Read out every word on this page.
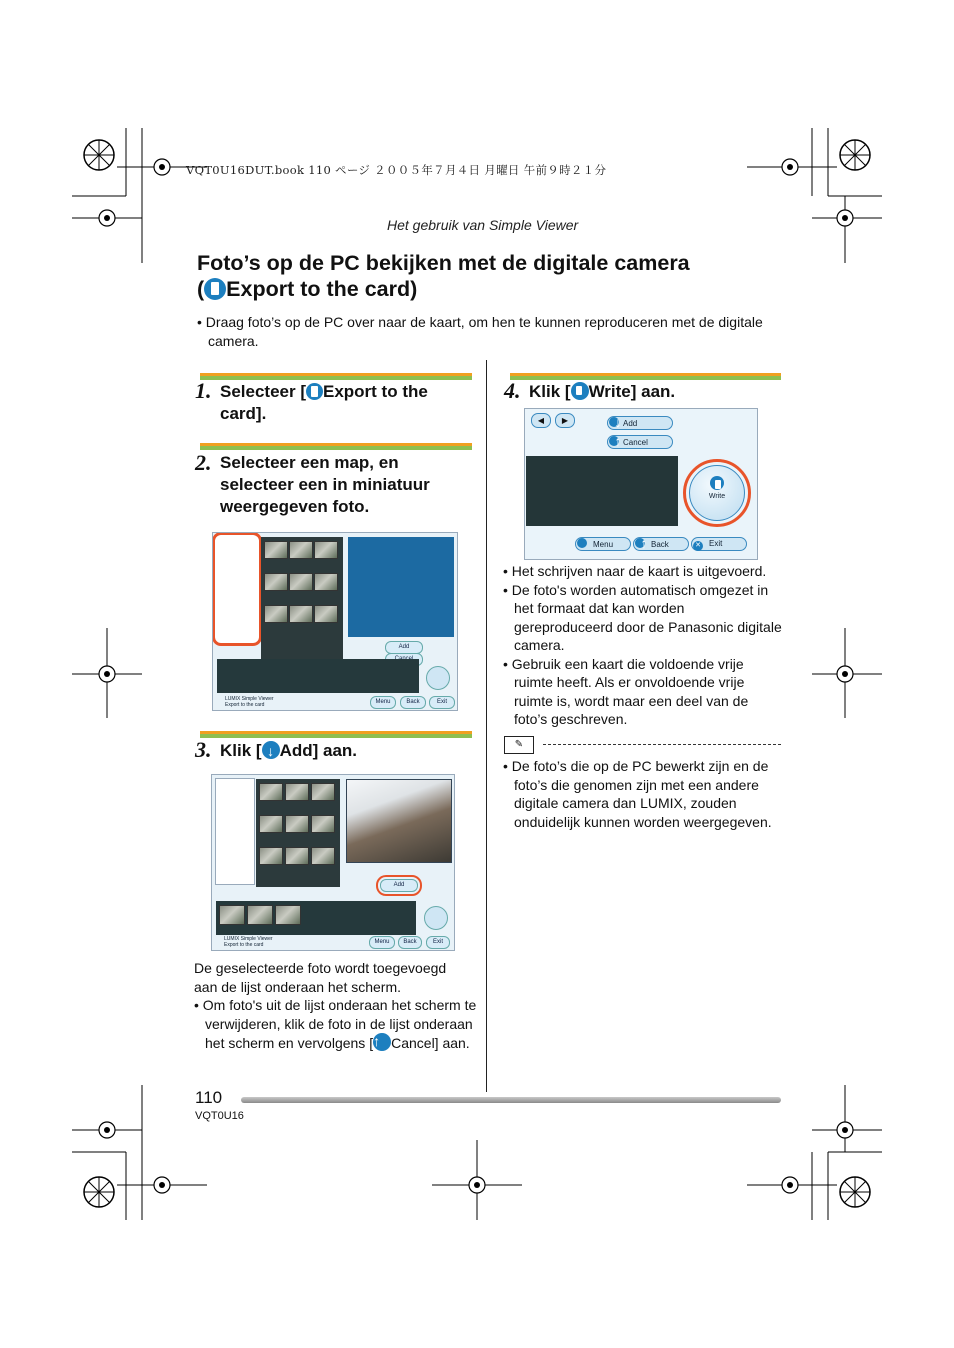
VQT0U16DUT.book 110 ページ ２００５年７月４日 月曜日 午前９時２１分
Het gebruik van Simple Viewer
Foto’s op de PC bekijken met de digitale camera
( Export to the card)
• Draag foto’s op de PC over naar de kaart, om hen te kunnen reproduceren met de digitale camera.
1. Selecteer [ Export to the card].
2. Selecteer een map, en selecteer een in miniatuur weergegeven foto.
Add
LUMIX Simple Viewer
Export to the card	Menu	Back	Exit
3. Klik [ ↓ Add] aan.
Add
LUMIX Simple Viewer
Export to the card	Menu	Back	Exit
De geselecteerde foto wordt toegevoegd aan de lijst onderaan het scherm.
• Om foto's uit de lijst onderaan het scherm te verwijderen, klik de foto in de lijst onderaan het scherm en vervolgens [ ↑ Cancel] aan.
4. Klik [ Write] aan.
◀	▶ ↓	Add
↑Cancel
Write
Menu ↑	Back	✕ Exit
• Het schrijven naar de kaart is uitgevoerd.
• De foto's worden automatisch omgezet in het formaat dat kan worden gereproduceerd door de Panasonic digitale camera.
• Gebruik een kaart die voldoende vrije ruimte heeft. Als er onvoldoende vrije ruimte is, wordt maar een deel van de foto’s geschreven.
✎
• De foto’s die op de PC bewerkt zijn en de foto’s die genomen zijn met een andere digitale camera dan LUMIX, zouden onduidelijk kunnen worden weergegeven.
110
VQT0U16
